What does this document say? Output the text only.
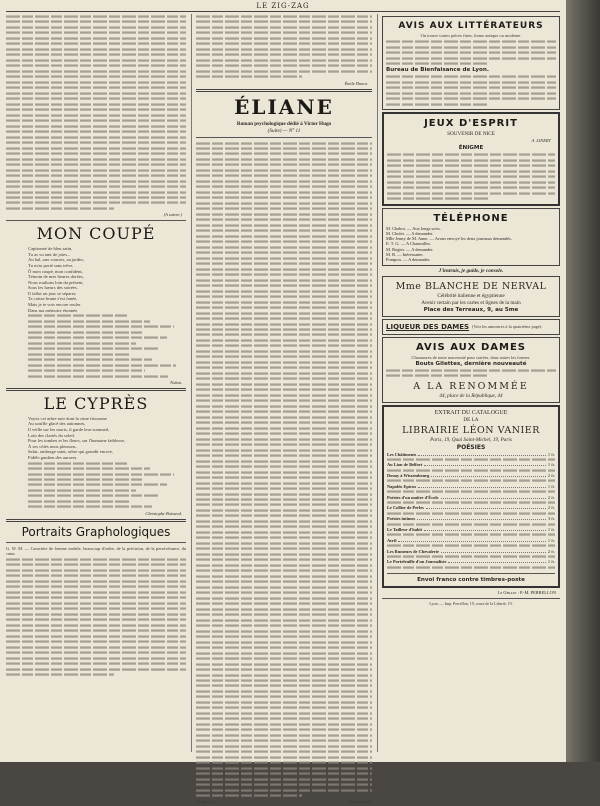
LE ZIG-ZAG
(A suivre.)
MON COUPÉ
Capitonné de bleu satin,
Tu as vu tant de joies...
Au bal, aux courses, au jardin,
Tu m'as porté sans trêve,
Ô mon coupé, mon confident,
Témoin de mes heures dorées,
Nous roulions loin du présent,
Sous les lueurs des soirées.
Il fallut un jour se séparer,
Ta caisse brune s'est fanée,
Mais je te vois encore rouler
Dans ma mémoire étonnée.
Nohat.
LE CYPRÈS
Voyez cet arbre noir dont la cime frissonne
Au souffle glacé des automnes,
Il veille sur les morts, il garde leur sommeil,
Loin des clartés du soleil.
Pour les tombes et les fleurs, sur l'humaine faiblesse,
À ses côtés nous pleurons,
Salut, ombrage saint, arbre qui grandit encore,
Fidèle gardien des aurores.
Christophe Boisseul.
Portraits Graphologiques

G. W. M. — Caractère de femme mobile, beaucoup d'ordre, de la précision, de la persévérance, du cœur.

Émile Dunot.
ÉLIANE
Roman psychologique dédié à Victor Hugo
(Suite) — N° 11
(A suivre.)	Aimé Couvin.
AVIS AUX LITTÉRATEURS

On trouve toutes pièces fines, forme antique ou moderne.

Bureau de Bienfaisance de Lyon.
JEUX D'ESPRIT
SOUVENIR DE NICE
A. LINERT
ÉNIGME
TÉLÉPHONE

M. Chabot. — Aux longs soirs.

M. Cholet. — A demander.

Mlle Jenny de M. Anne. — Avons envoyé les deux journaux demandés.

E. T. G. — A Chaumilles.

M. Rogier. — A demander.

M. R. — Inéressante.

Pompon. — A demander.

J'instruis, je guide, je console.
Mme BLANCHE DE NERVAL
Célébrité italienne et égyptienne
Avenir certain par les cartes et lignes de la main
Place des Terreaux, 9, au 5me
LIQUEUR DES DAMES (Voir les annonces à la quatrième page).
AVIS AUX DAMES

Chaussures de toute nouveauté pour soirées, dans toutes les formes.

Bouts Gilettes, dernière nouveauté
A LA RENOMMÉE
44, place de la République, 44
EXTRAIT DU CATALOGUE
DE LA
LIBRAIRIE LÉON VANIER
Paris, 19, Quai Saint-Michel, 19, Paris
POÉSIES
Les Châtiments	1 fr.
Au Lion de Belfort	1 fr.
Douay à Wissembourg	2 fr.
Napoléo Epicus	1 fr.
Poésies d'un maître d'École	2 fr.
Le Collier de Perles	2 fr.
Poésies intimes	3 fr.
Le Tailleur d'habit	1 fr.
Avril	1 fr.
Les Rumeurs de Chevalerie	2 fr.
Le Portefeuille d'un Journaliste	1 fr.
Envoi franco contre timbres-poste
Le Gérant : P.-M. PERRELLON
Lyon. — Imp. Perrellon, 19, cours de la Liberté, 19.
